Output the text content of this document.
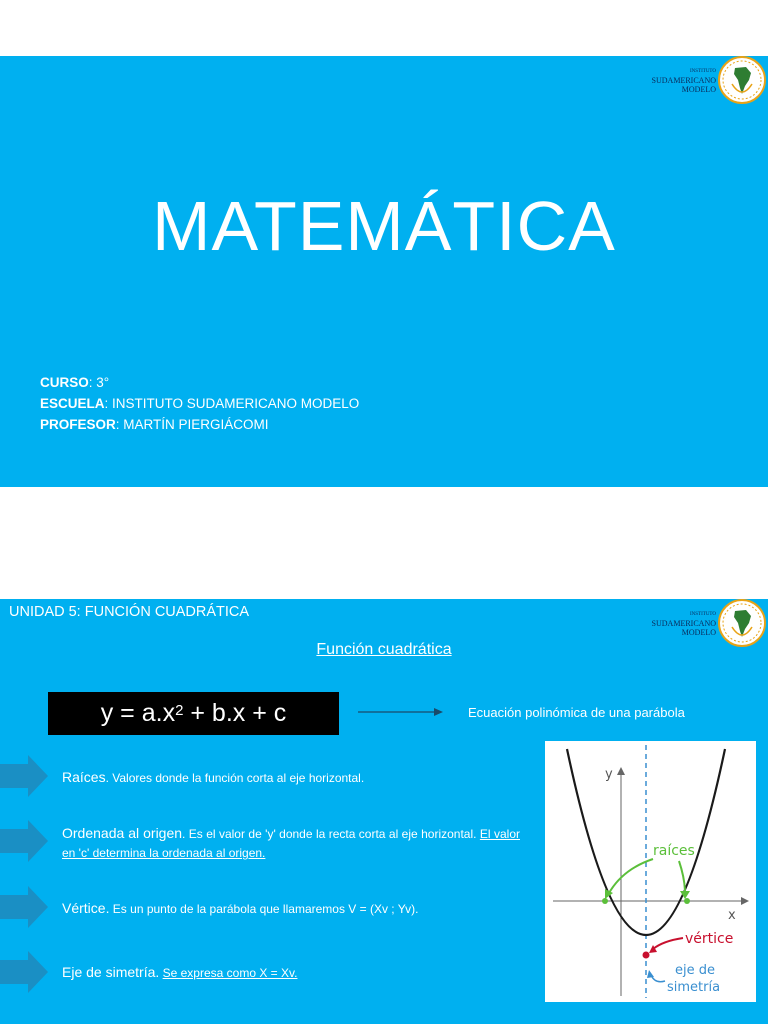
INSTITUTO
SUDAMERICANO
MODELO
MATEMÁTICA
CURSO: 3°
ESCUELA: INSTITUTO SUDAMERICANO MODELO
PROFESOR: MARTÍN PIERGIÁCOMI
UNIDAD 5: FUNCIÓN CUADRÁTICA	INSTITUTO
SUDAMERICANO
MODELO
Función cuadrática
$y = a.x^2 + b.x + c$	Ecuación polinómica de una parábola
Raíces. Valores donde la función corta al eje horizontal.
Ordenada al origen. Es el valor de 'y' donde la recta corta al eje horizontal. El valor en 'c' determina la ordenada al origen.
Vértice. Es un punto de la parábola que llamaremos V = (Xv ; Yv).
Eje de simetría. Se expresa como X = Xv.
y
x
raíces
vértice
eje de
simetría
